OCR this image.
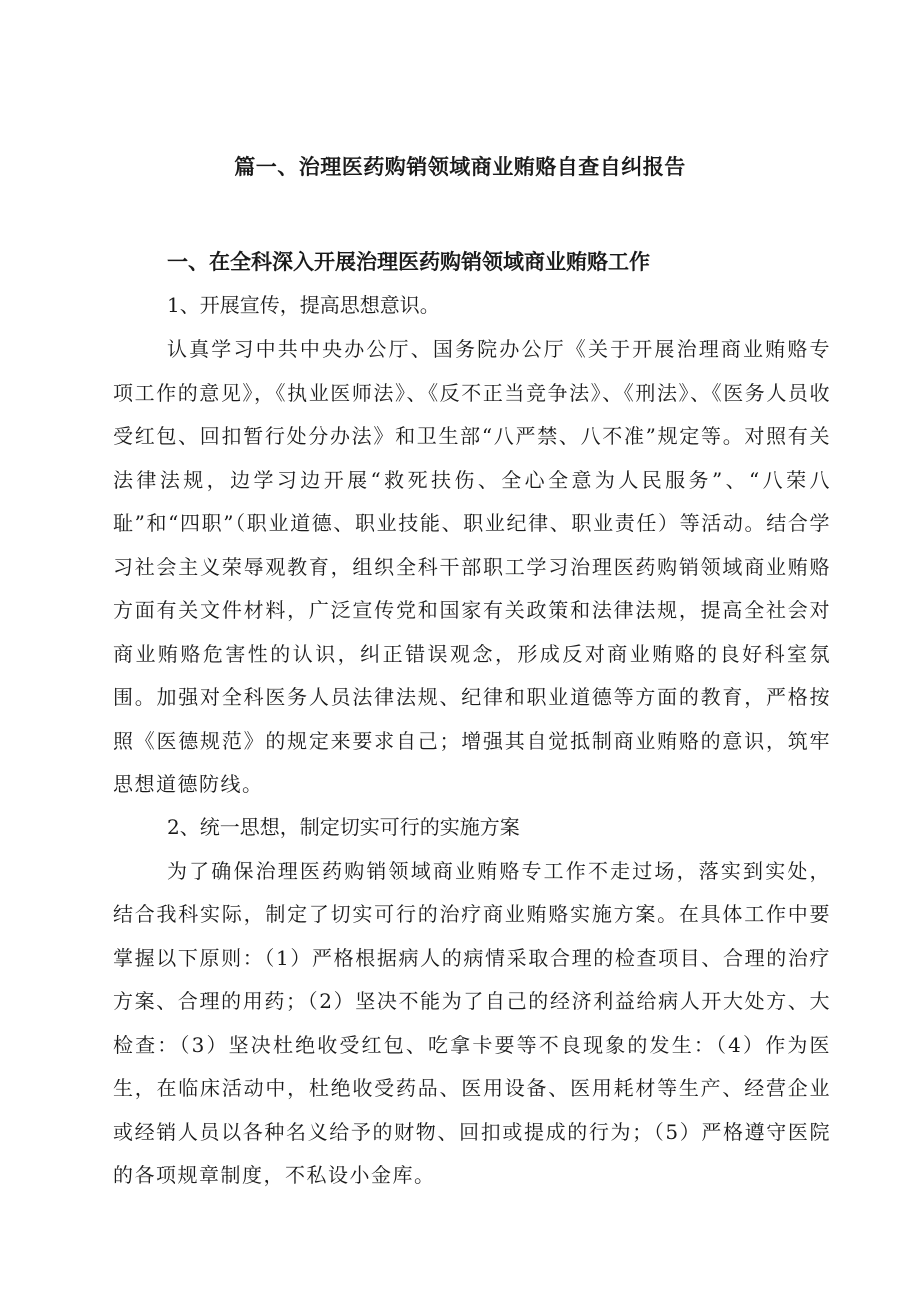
篇一、治理医药购销领域商业贿赂自查自纠报告

一、在全科深入开展治理医药购销领域商业贿赂工作

1、开展宣传，提高思想意识。

认真学习中共中央办公厅、国务院办公厅《关于开展治理商业贿赂专项工作的意见》，《执业医师法》、《反不正当竞争法》、《刑法》、《医务人员收受红包、回扣暂行处分办法》和卫生部“八严禁、八不准”规定等。对照有关法律法规，边学习边开展“救死扶伤、全心全意为人民服务”、“八荣八耻”和“四职”（职业道德、职业技能、职业纪律、职业责任）等活动。结合学习社会主义荣辱观教育，组织全科干部职工学习治理医药购销领域商业贿赂方面有关文件材料，广泛宣传党和国家有关政策和法律法规，提高全社会对商业贿赂危害性的认识，纠正错误观念，形成反对商业贿赂的良好科室氛围。加强对全科医务人员法律法规、纪律和职业道德等方面的教育，严格按照《医德规范》的规定来要求自己；增强其自觉抵制商业贿赂的意识，筑牢思想道德防线。

2、统一思想，制定切实可行的实施方案

为了确保治理医药购销领域商业贿赂专工作不走过场，落实到实处，结合我科实际，制定了切实可行的治疗商业贿赂实施方案。在具体工作中要掌握以下原则：（1）严格根据病人的病情采取合理的检查项目、合理的治疗方案、合理的用药；（2）坚决不能为了自己的经济利益给病人开大处方、大检查：（3）坚决杜绝收受红包、吃拿卡要等不良现象的发生：（4）作为医生，在临床活动中，杜绝收受药品、医用设备、医用耗材等生产、经营企业或经销人员以各种名义给予的财物、回扣或提成的行为；（5）严格遵守医院的各项规章制度，不私设小金库。
